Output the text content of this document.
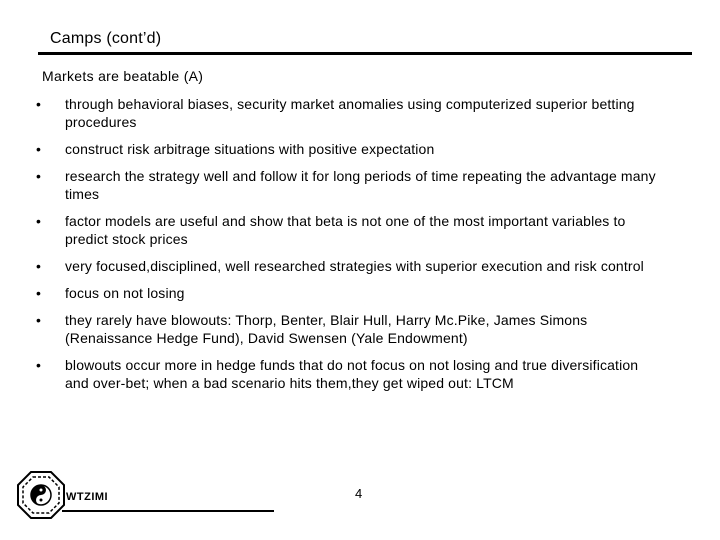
Camps (cont’d)
Markets are beatable (A)
• through behavioral biases, security market anomalies using computerized superior betting procedures
• construct risk arbitrage situations with positive expectation
• research the strategy well and follow it for long periods of time repeating the advantage many times
• factor models are useful and show that beta is not one of the most important variables to predict stock prices
• very focused,disciplined, well researched strategies with superior execution and risk control
• focus on not losing
• they rarely have blowouts: Thorp, Benter, Blair Hull, Harry Mc.Pike, James Simons (Renaissance Hedge Fund), David Swensen (Yale Endowment)
• blowouts occur more in hedge funds that do not focus on not losing and true diversification and over-bet; when a bad scenario hits them,they get wiped out: LTCM
WTZIMI	4
